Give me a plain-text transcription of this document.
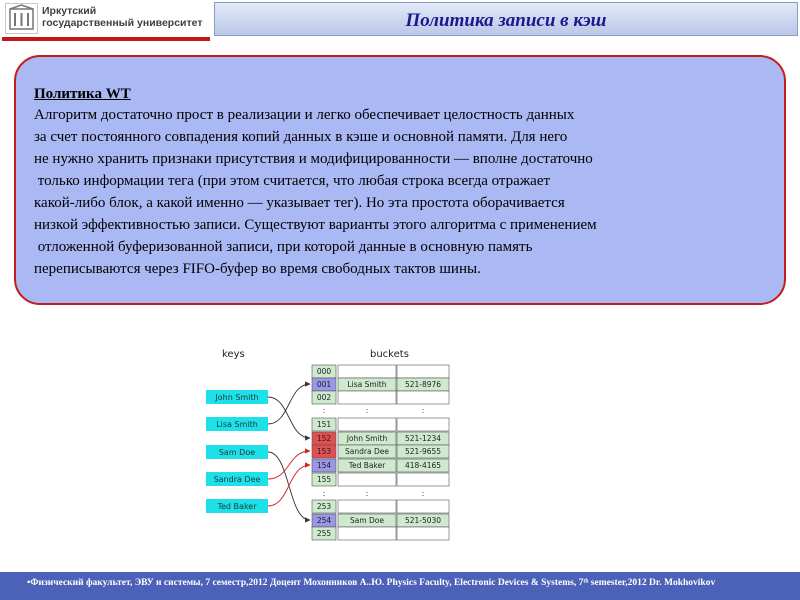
Иркутский
государственный университет	Политика записи в кэш
Политика WT
Алгоритм достаточно прост в реализации и легко обеспечивает целостность данных
за счет постоянного совпадения копий данных в кэше и основной памяти. Для него
не нужно хранить признаки присутствия и модифицированности — вполне достаточно
только информации тега (при этом считается, что любая строка всегда отражает
какой-либо блок, а какой именно — указывает тег). Но эта простота оборачивается
низкой эффективностью записи. Существуют варианты этого алгоритма с применением
отложенной буферизованной записи, при которой данные в основную память
переписываются через FIFO-буфер во время свободных тактов шины.
keys	buckets
John Smith
Lisa Smith
Sam Doe
Sandra Dee
Ted Baker
000
001 Lisa Smith 521-8976
002
:	:	:
151
152 John Smith 521-1234
153 Sandra Dee 521-9655
154 Ted Baker	418-4165
155
:	:	:
253
254	Sam Doe	521-5030
255
•Физический факультет, ЭВУ и системы, 7 семестр,2012 Доцент Мохонников А..Ю. Physics Faculty, Electronic Devices & Systems, 7ᵗʰ semester,2012 Dr. Mokhovikov
